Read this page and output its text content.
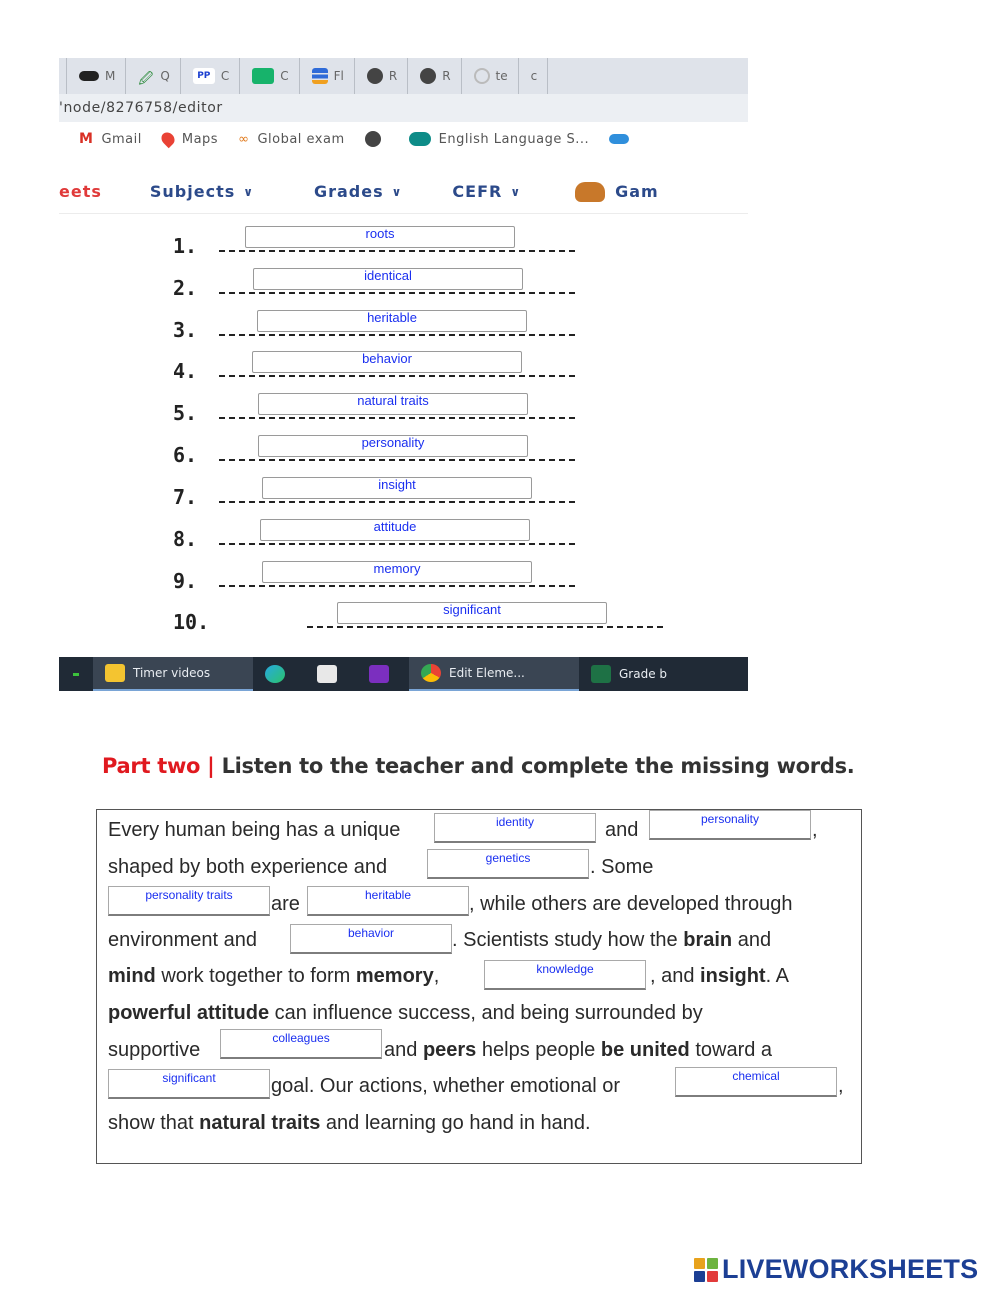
M 🖉 Q	PP C	C	Fl	R	R	te c
'node/8276758/editor
M Gmail	Maps ∞ Global exam	English Language S...
eets	Subjects ∨	Grades ∨	CEFR ∨	Gam
1.
roots
2.
identical
3.
heritable
4.
behavior
5.
natural traits
6.
personality
7.
insight
8.
attitude
9.
memory
10.
significant
Timer videos	Edit Eleme...	Grade b
Part two | Listen to the teacher and complete the missing words.
Every human being has a unique	identity	and	personality	,
shaped by both experience and	genetics	. Some
personality traits	are	heritable	, while others are developed through
environment and	behavior	. Scientists study how the brain and
mind work together to form memory,	knowledge	, and insight. A
powerful attitude can influence success, and being surrounded by
supportive
colleagues
and peers helps people be united toward a
significant	goal. Our actions, whether emotional or	chemical	,
show that natural traits and learning go hand in hand.
LIVEWORKSHEETS
